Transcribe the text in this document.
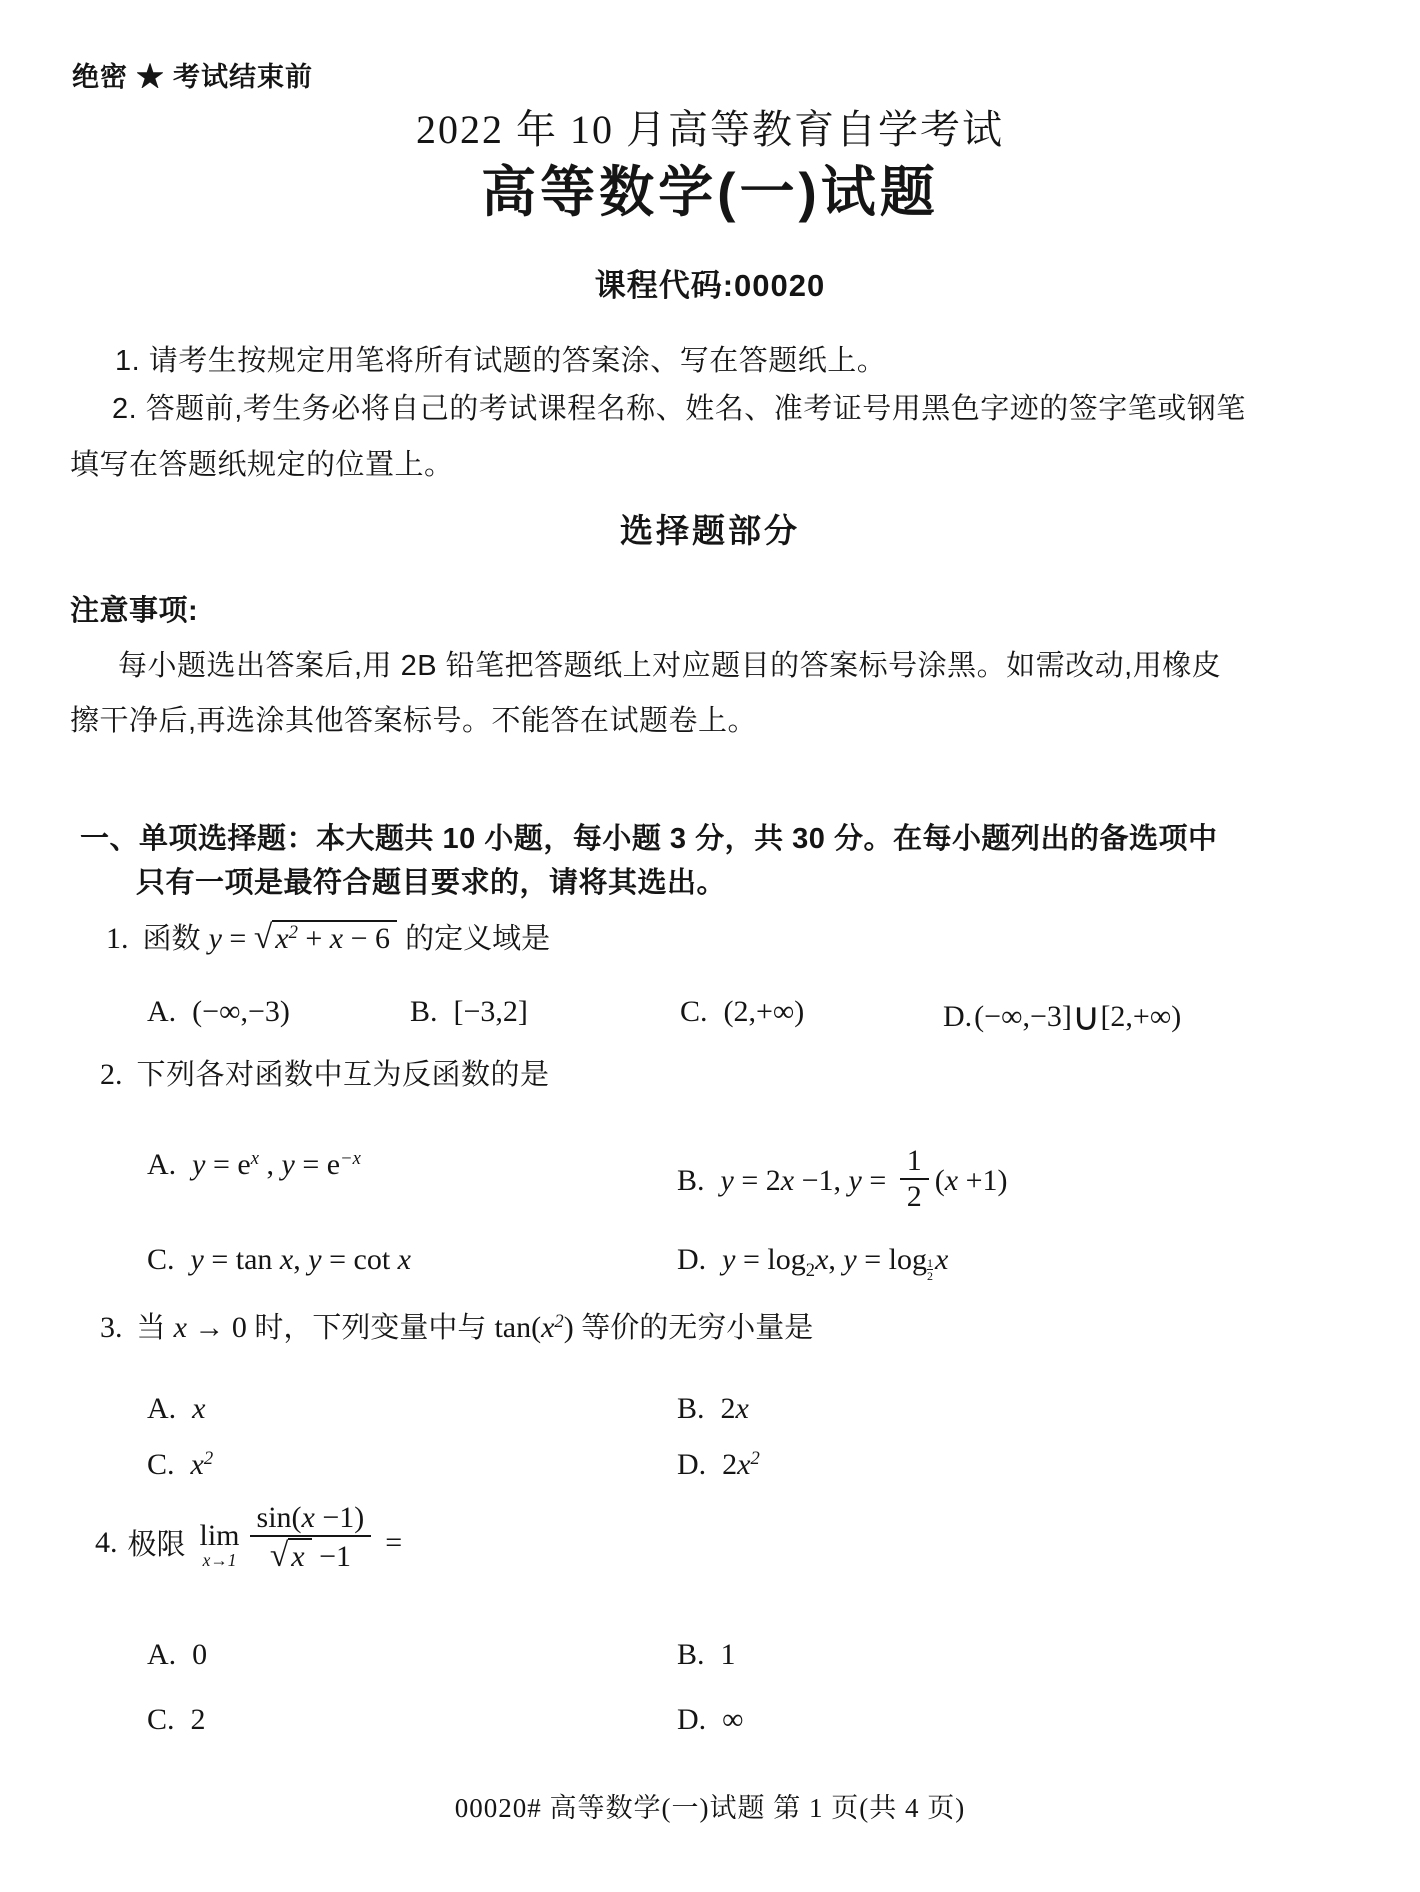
绝密 ★ 考试结束前
2022 年 10 月高等教育自学考试
高等数学(一)试题
课程代码:00020
1. 请考生按规定用笔将所有试题的答案涂、写在答题纸上。
2. 答题前,考生务必将自己的考试课程名称、姓名、准考证号用黑色字迹的签字笔或钢笔
填写在答题纸规定的位置上。
选择题部分
注意事项:
每小题选出答案后,用 2B 铅笔把答题纸上对应题目的答案标号涂黑。如需改动,用橡皮
擦干净后,再选涂其他答案标号。不能答在试题卷上。
一、单项选择题：本大题共 10 小题，每小题 3 分，共 30 分。在每小题列出的备选项中
只有一项是最符合题目要求的，请将其选出。
1. 函数 y = √ $x^2 + x - 6$ 的定义域是
A. (−∞,−3)	B. [−3,2]	C. (2,+∞)	D.(−∞,−3]∪[2,+∞)
2. 下列各对函数中互为反函数的是
A. $y = e^x$ , $y = e^{-x}$
B. y = 2x −1, $y = \frac{1}{2} (x +1)$
C. y = tan x, y = cot x	D. $y = \log_2x$, $y = \log \frac{1}{2}$ x
3. 当 x → 0 时，下列变量中与 $\tan(x^2)$ 等价的无穷小量是
A. x	B. 2x
C. $x^2$	D. $2x^2$
4. 极限 lim
$x\to 1 \frac{\sin(x -1)}{√ x -1}$ =
A. 0	B. 1
C. 2	D. ∞
00020# 高等数学(一)试题 第 1 页(共 4 页)
